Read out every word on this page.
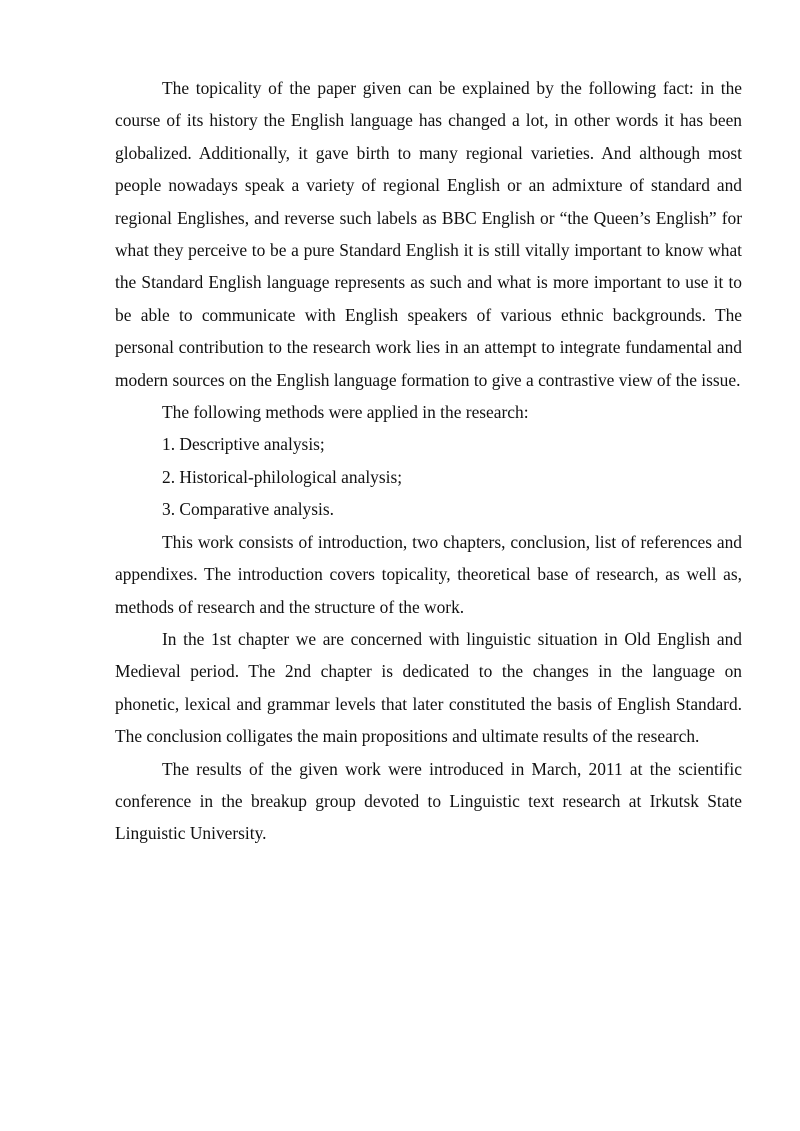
The topicality of the paper given can be explained by the following fact: in the course of its history the English language has changed a lot, in other words it has been globalized. Additionally, it gave birth to many regional varieties. And although most people nowadays speak a variety of regional English or an admixture of standard and regional Englishes, and reverse such labels as BBC English or “the Queen’s English” for what they perceive to be a pure Standard English it is still vitally important to know what the Standard English language represents as such and what is more important to use it to be able to communicate with English speakers of various ethnic backgrounds. The personal contribution to the research work lies in an attempt to integrate fundamental and modern sources on the English language formation to give a contrastive view of the issue.

The following methods were applied in the research:

1. Descriptive analysis;

2. Historical-philological analysis;

3. Comparative analysis.

This work consists of introduction, two chapters, conclusion, list of references and appendixes. The introduction covers topicality, theoretical base of research, as well as, methods of research and the structure of the work.

In the 1st chapter we are concerned with linguistic situation in Old English and Medieval period. The 2nd chapter is dedicated to the changes in the language on phonetic, lexical and grammar levels that later constituted the basis of English Standard. The conclusion colligates the main propositions and ultimate results of the research.

The results of the given work were introduced in March, 2011 at the scientific conference in the breakup group devoted to Linguistic text research at Irkutsk State Linguistic University.
